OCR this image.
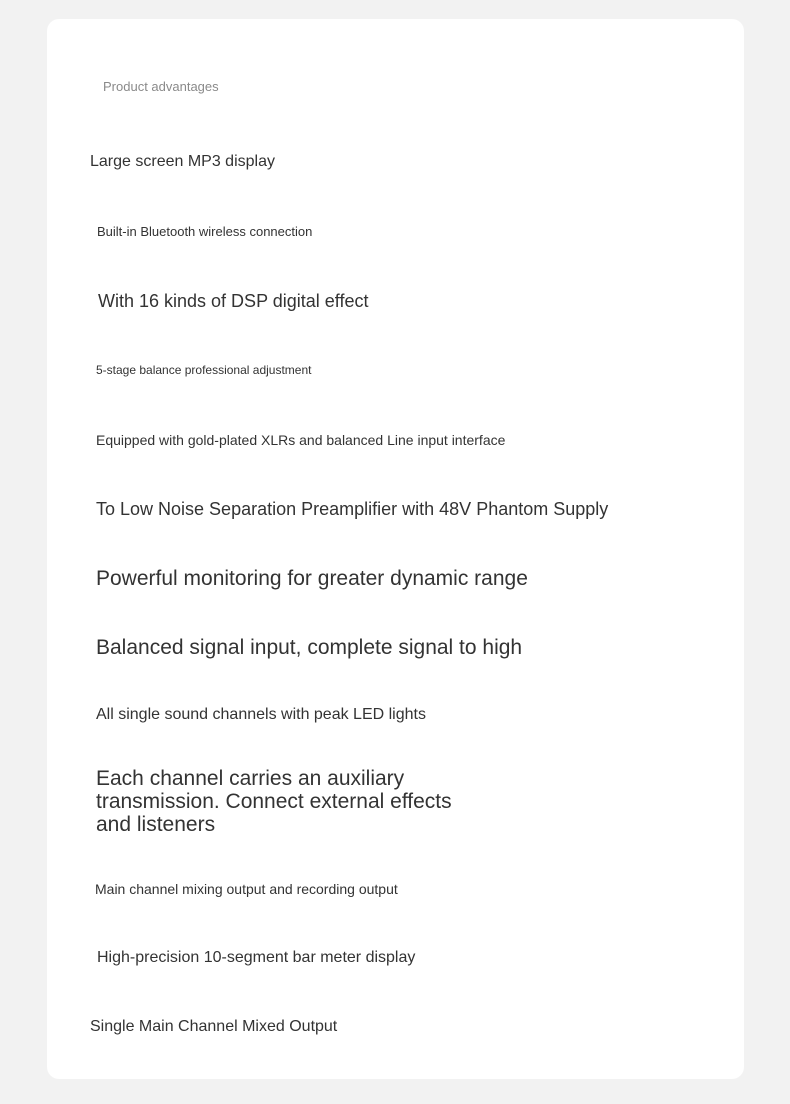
Product advantages
Large screen MP3 display
Built-in Bluetooth wireless connection
With 16 kinds of DSP digital effect
5-stage balance professional adjustment
Equipped with gold-plated XLRs and balanced Line input interface
To Low Noise Separation Preamplifier with 48V Phantom Supply
Powerful monitoring for greater dynamic range
Balanced signal input, complete signal to high
All single sound channels with peak LED lights
Each channel carries an auxiliary transmission. Connect external effects and listeners
Main channel mixing output and recording output
High-precision 10-segment bar meter display
Single Main Channel Mixed Output
